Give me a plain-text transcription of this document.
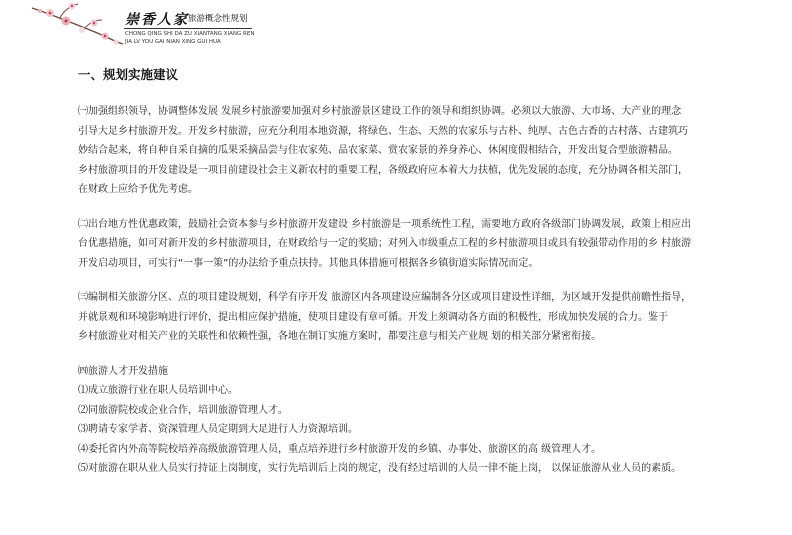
崇香人家 旅游概念性规划
CHONG QING SHI DA ZU XIANTANG XIANG REN
JIA LV YOU GAI NIAN XING GUI HUA
一、规划实施建议

㈠加强组织领导，协调整体发展 发展乡村旅游要加强对乡村旅游景区建设工作的领导和组织协调。必须以大旅游、大市场、大产业的理念

引导大足乡村旅游开发。开发乡村旅游，应充分利用本地资源，将绿色、生态、天然的农家乐与古朴、纯厚、古色古香的古村落、古建筑巧

妙结合起来，将自种自采自摘的瓜果采摘品尝与住农家苑、品农家菜、赏农家景的养身养心、休闲度假相结合，开发出复合型旅游精品。

乡村旅游项目的开发建设是一项目前建设社会主义新农村的重要工程，各级政府应本着大力扶植，优先发展的态度，充分协调各相关部门，

在财政上应给予优先考虑。

㈡出台地方性优惠政策，鼓励社会资本参与乡村旅游开发建设 乡村旅游是一项系统性工程，需要地方政府各级部门协调发展，政策上相应出

台优惠措施，如可对新开发的乡村旅游项目，在财政给与一定的奖励；对列入市级重点工程的乡村旅游项目或具有较强带动作用的乡 村旅游

开发启动项目，可实行“一事一策”的办法给予重点扶持。其他具体措施可根据各乡镇街道实际情况而定。

㈢编制相关旅游分区、点的项目建设规划，科学有序开发 旅游区内各项建设应编制各分区或项目建设性详细，为区域开发提供前瞻性指导，

并就景观和环境影响进行评价，提出相应保护措施，使项目建设有章可循。开发上须调动各方面的积极性，形成加快发展的合力。鉴于

乡村旅游业对相关产业的关联性和依赖性强，各地在制订实施方案时，都要注意与相关产业规 划的相关部分紧密衔接。

㈣旅游人才开发措施

⑴成立旅游行业在职人员培训中心。

⑵同旅游院校或企业合作，培训旅游管理人才。

⑶聘请专家学者、资深管理人员定期到大足进行人力资源培训。

⑷委托省内外高等院校培养高级旅游管理人员，重点培养进行乡村旅游开发的乡镇、办事处、旅游区的高 级管理人才。

⑸对旅游在职从业人员实行持证上岗制度，实行先培训后上岗的规定，没有经过培训的人员一律不能上岗， 以保证旅游从业人员的素质。
